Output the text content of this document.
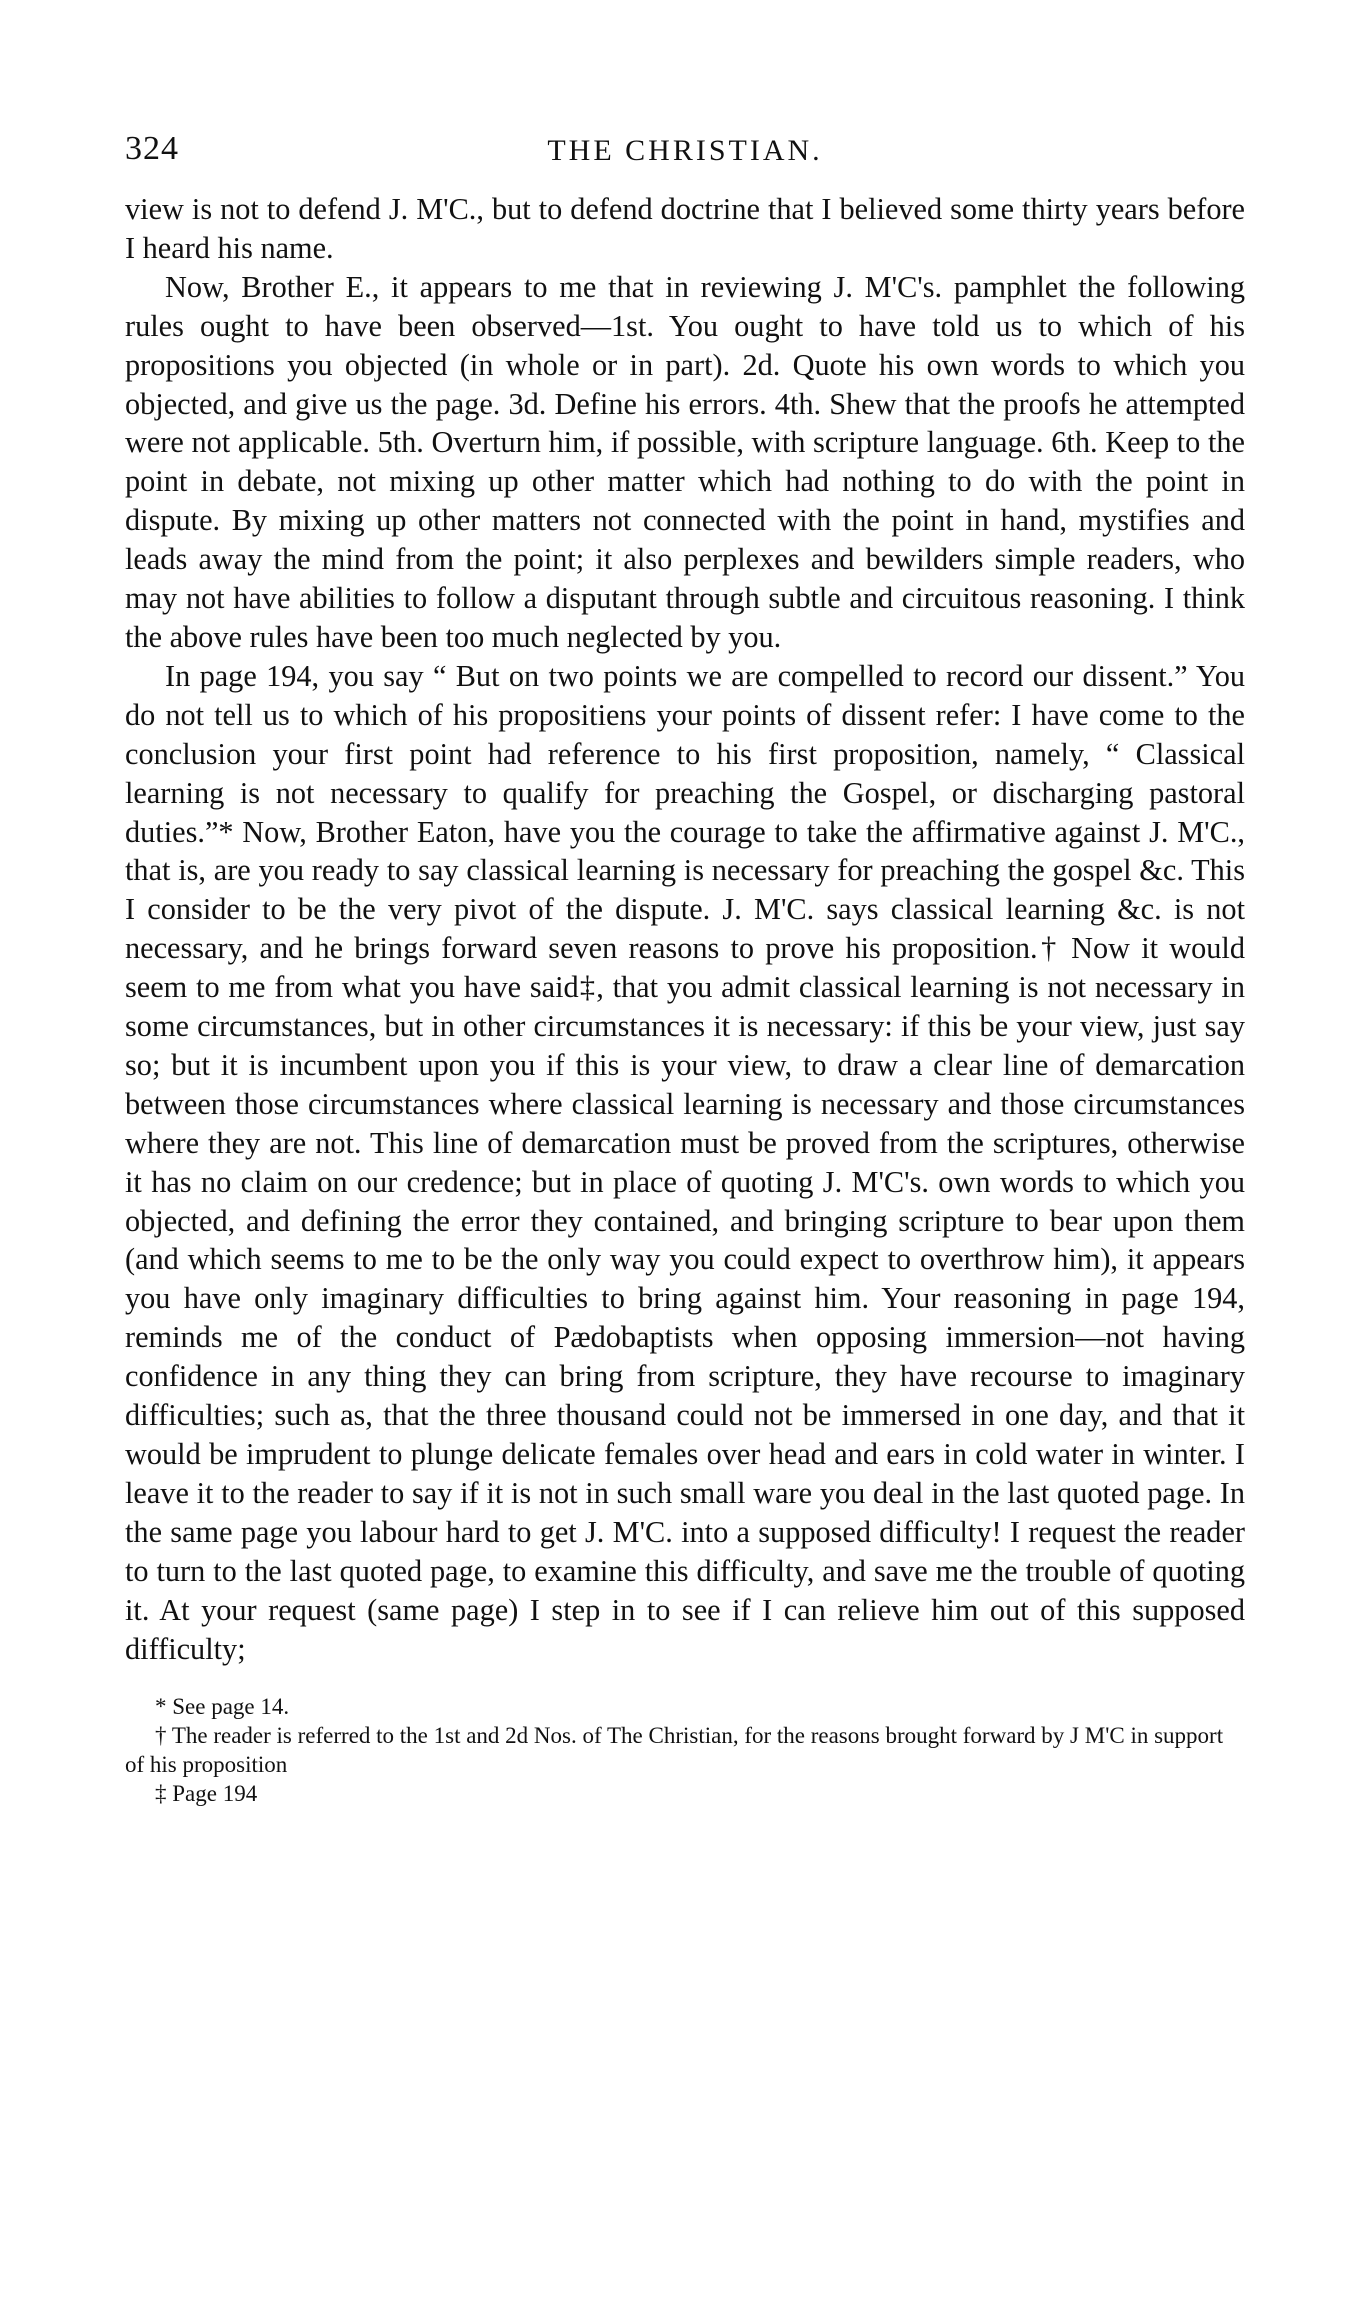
324	THE CHRISTIAN.

view is not to defend J. M'C., but to defend doctrine that I believed some thirty years before I heard his name.

Now, Brother E., it appears to me that in reviewing J. M'C's. pamphlet the following rules ought to have been observed—1st. You ought to have told us to which of his propositions you objected (in whole or in part). 2d. Quote his own words to which you objected, and give us the page. 3d. Define his errors. 4th. Shew that the proofs he attempted were not applicable. 5th. Overturn him, if possible, with scripture language. 6th. Keep to the point in debate, not mixing up other matter which had nothing to do with the point in dispute. By mixing up other matters not connected with the point in hand, mystifies and leads away the mind from the point; it also perplexes and bewilders simple readers, who may not have abilities to follow a disputant through subtle and circuitous reasoning. I think the above rules have been too much neglected by you.

In page 194, you say “ But on two points we are compelled to record our dissent.” You do not tell us to which of his propositiens your points of dissent refer: I have come to the conclusion your first point had reference to his first proposition, namely, “ Classical learning is not necessary to qualify for preaching the Gospel, or discharging pastoral duties.”* Now, Brother Eaton, have you the courage to take the affirmative against J. M'C., that is, are you ready to say classical learning is necessary for preaching the gospel &c. This I consider to be the very pivot of the dispute. J. M'C. says classical learning &c. is not necessary, and he brings forward seven reasons to prove his proposition.† Now it would seem to me from what you have said‡, that you admit classical learning is not necessary in some circumstances, but in other circumstances it is necessary: if this be your view, just say so; but it is incumbent upon you if this is your view, to draw a clear line of demarcation between those circumstances where classical learning is necessary and those circumstances where they are not. This line of demarcation must be proved from the scriptures, otherwise it has no claim on our credence; but in place of quoting J. M'C's. own words to which you objected, and defining the error they contained, and bringing scripture to bear upon them (and which seems to me to be the only way you could expect to overthrow him), it appears you have only imaginary difficulties to bring against him. Your reasoning in page 194, reminds me of the conduct of Pædobaptists when opposing immersion—not having confidence in any thing they can bring from scripture, they have recourse to imaginary difficulties; such as, that the three thousand could not be immersed in one day, and that it would be imprudent to plunge delicate females over head and ears in cold water in winter. I leave it to the reader to say if it is not in such small ware you deal in the last quoted page. In the same page you labour hard to get J. M'C. into a supposed difficulty! I request the reader to turn to the last quoted page, to examine this difficulty, and save me the trouble of quoting it. At your request (same page) I step in to see if I can relieve him out of this supposed difficulty;

* See page 14.

† The reader is referred to the 1st and 2d Nos. of The Christian, for the reasons brought forward by J M'C in support of his proposition

‡ Page 194
